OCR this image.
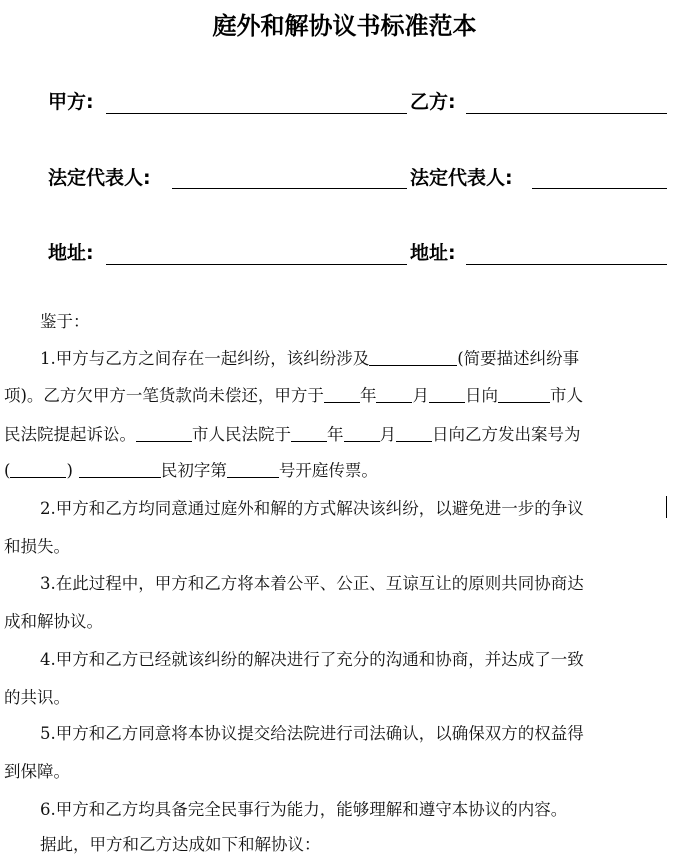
庭外和解协议书标准范本
甲方:	乙方:
法定代表人:	法定代表人:
地址:	地址:
鉴于：
1.甲方与乙方之间存在一起纠纷，该纠纷涉及	(简要描述纠纷事
项)。乙方欠甲方一笔货款尚未偿还，甲方于 年 月 日向	市人
民法院提起诉讼。	市人民法院于 年 月 日向乙方发出案号为
(	)	民初字第	号开庭传票。
2.甲方和乙方均同意通过庭外和解的方式解决该纠纷，以避免进一步的争议
和损失。
3.在此过程中，甲方和乙方将本着公平、公正、互谅互让的原则共同协商达
成和解协议。
4.甲方和乙方已经就该纠纷的解决进行了充分的沟通和协商，并达成了一致
的共识。
5.甲方和乙方同意将本协议提交给法院进行司法确认，以确保双方的权益得
到保障。
6.甲方和乙方均具备完全民事行为能力，能够理解和遵守本协议的内容。
据此，甲方和乙方达成如下和解协议：
